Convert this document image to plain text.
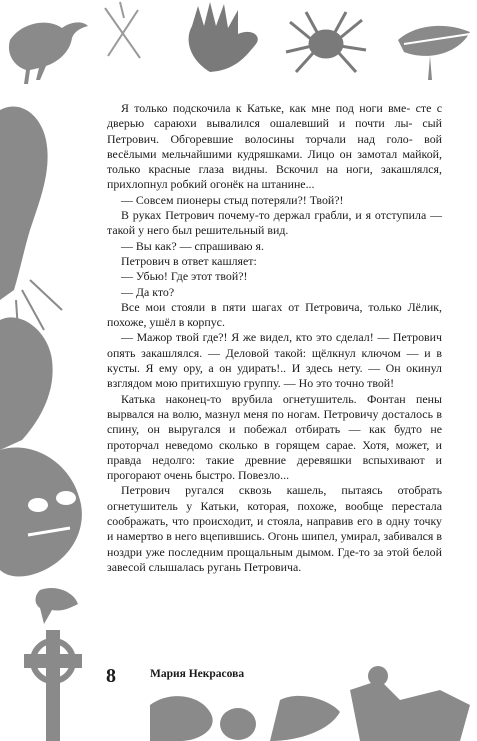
Я только подскочила к Катьке, как мне под ноги вме- сте с дверью сараюхи вывалился ошалевший и почти лы- сый Петрович. Обгоревшие волосины торчали над голо- вой весёлыми мельчайшими кудряшками. Лицо он замотал майкой, только красные глаза видны. Вскочил на ноги, закашлялся, прихлопнул робкий огонёк на штанине...

— Совсем пионеры стыд потеряли?! Твой?!

В руках Петрович почему-то держал грабли, и я отступила — такой у него был решительный вид.

— Вы как? — спрашиваю я.

Петрович в ответ кашляет:

— Убью! Где этот твой?!

— Да кто?

Все мои стояли в пяти шагах от Петровича, только Лёлик, похоже, ушёл в корпус.

— Мажор твой где?! Я же видел, кто это сделал! — Петрович опять закашлялся. — Деловой такой: щёлкнул ключом — и в кусты. Я ему ору, а он удирать!.. И здесь нету. — Он окинул взглядом мою притихшую группу. — Но это точно твой!

Катька наконец-то врубила огнетушитель. Фонтан пены вырвался на волю, мазнул меня по ногам. Петровичу досталось в спину, он выругался и побежал отбирать — как будто не проторчал неведомо сколько в горящем сарае. Хотя, может, и правда недолго: такие древние деревяшки вспыхивают и прогорают очень быстро. Повезло...

Петрович ругался сквозь кашель, пытаясь отобрать огнетушитель у Катьки, которая, похоже, вообще перестала соображать, что происходит, и стояла, направив его в одну точку и намертво в него вцепившись. Огонь шипел, умирал, забивался в ноздри уже последним прощальным дымом. Где-то за этой белой завесой слышалась ругань Петровича.

8	Мария Некрасова
